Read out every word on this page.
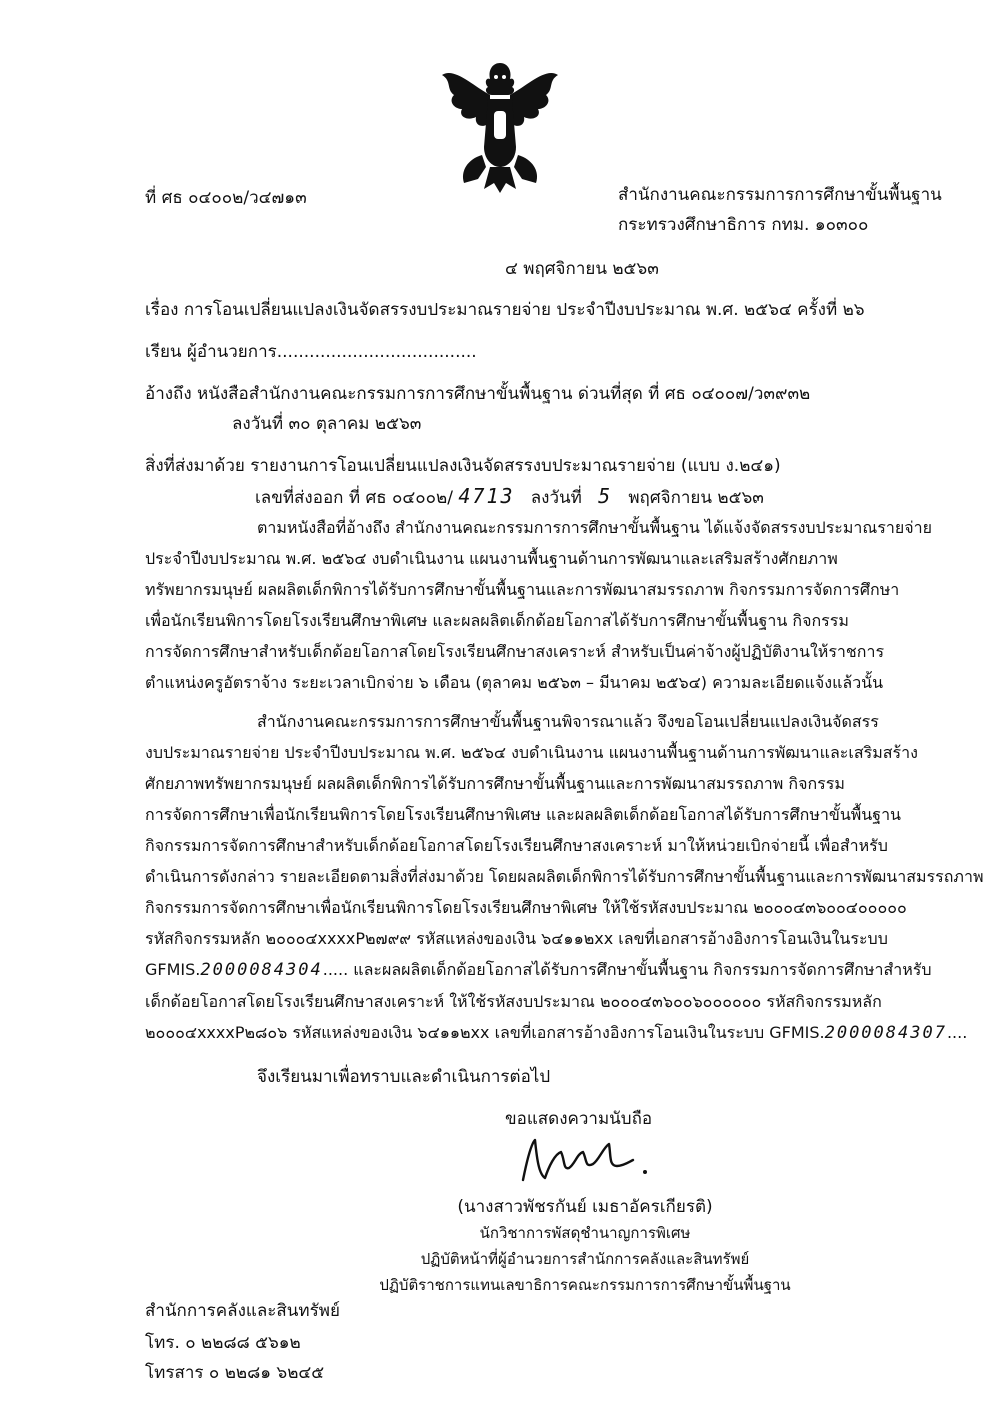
ที่ ศธ ๐๔๐๐๒/ว๔๗๑๓	สำนักงานคณะกรรมการการศึกษาขั้นพื้นฐาน
กระทรวงศึกษาธิการ กทม. ๑๐๓๐๐
๔ พฤศจิกายน ๒๕๖๓
เรื่อง การโอนเปลี่ยนแปลงเงินจัดสรรงบประมาณรายจ่าย ประจำปีงบประมาณ พ.ศ. ๒๕๖๔ ครั้งที่ ๒๖
เรียน ผู้อำนวยการ.....................................
อ้างถึง หนังสือสำนักงานคณะกรรมการการศึกษาขั้นพื้นฐาน ด่วนที่สุด ที่ ศธ ๐๔๐๐๗/ว๓๙๓๒
ลงวันที่ ๓๐ ตุลาคม ๒๕๖๓
สิ่งที่ส่งมาด้วย รายงานการโอนเปลี่ยนแปลงเงินจัดสรรงบประมาณรายจ่าย (แบบ ง.๒๔๑)
เลขที่ส่งออก ที่ ศธ ๐๔๐๐๒/ 4713 ลงวันที่ 5 พฤศจิกายน ๒๕๖๓
ตามหนังสือที่อ้างถึง สำนักงานคณะกรรมการการศึกษาขั้นพื้นฐาน ได้แจ้งจัดสรรงบประมาณรายจ่าย
ประจำปีงบประมาณ พ.ศ. ๒๕๖๔ งบดำเนินงาน แผนงานพื้นฐานด้านการพัฒนาและเสริมสร้างศักยภาพ
ทรัพยากรมนุษย์ ผลผลิตเด็กพิการได้รับการศึกษาขั้นพื้นฐานและการพัฒนาสมรรถภาพ กิจกรรมการจัดการศึกษา
เพื่อนักเรียนพิการโดยโรงเรียนศึกษาพิเศษ และผลผลิตเด็กด้อยโอกาสได้รับการศึกษาขั้นพื้นฐาน กิจกรรม
การจัดการศึกษาสำหรับเด็กด้อยโอกาสโดยโรงเรียนศึกษาสงเคราะห์ สำหรับเป็นค่าจ้างผู้ปฏิบัติงานให้ราชการ
ตำแหน่งครูอัตราจ้าง ระยะเวลาเบิกจ่าย ๖ เดือน (ตุลาคม ๒๕๖๓ – มีนาคม ๒๕๖๔) ความละเอียดแจ้งแล้วนั้น
สำนักงานคณะกรรมการการศึกษาขั้นพื้นฐานพิจารณาแล้ว จึงขอโอนเปลี่ยนแปลงเงินจัดสรร
งบประมาณรายจ่าย ประจำปีงบประมาณ พ.ศ. ๒๕๖๔ งบดำเนินงาน แผนงานพื้นฐานด้านการพัฒนาและเสริมสร้าง
ศักยภาพทรัพยากรมนุษย์ ผลผลิตเด็กพิการได้รับการศึกษาขั้นพื้นฐานและการพัฒนาสมรรถภาพ กิจกรรม
การจัดการศึกษาเพื่อนักเรียนพิการโดยโรงเรียนศึกษาพิเศษ และผลผลิตเด็กด้อยโอกาสได้รับการศึกษาขั้นพื้นฐาน
กิจกรรมการจัดการศึกษาสำหรับเด็กด้อยโอกาสโดยโรงเรียนศึกษาสงเคราะห์ มาให้หน่วยเบิกจ่ายนี้ เพื่อสำหรับ
ดำเนินการดังกล่าว รายละเอียดตามสิ่งที่ส่งมาด้วย โดยผลผลิตเด็กพิการได้รับการศึกษาขั้นพื้นฐานและการพัฒนาสมรรถภาพ
กิจกรรมการจัดการศึกษาเพื่อนักเรียนพิการโดยโรงเรียนศึกษาพิเศษ ให้ใช้รหัสงบประมาณ ๒๐๐๐๔๓๖๐๐๔๐๐๐๐๐
รหัสกิจกรรมหลัก ๒๐๐๐๔xxxxP๒๗๙๙ รหัสแหล่งของเงิน ๖๔๑๑๒xx เลขที่เอกสารอ้างอิงการโอนเงินในระบบ
GFMIS.2000084304..... และผลผลิตเด็กด้อยโอกาสได้รับการศึกษาขั้นพื้นฐาน กิจกรรมการจัดการศึกษาสำหรับ
เด็กด้อยโอกาสโดยโรงเรียนศึกษาสงเคราะห์ ให้ใช้รหัสงบประมาณ ๒๐๐๐๔๓๖๐๐๖๐๐๐๐๐๐ รหัสกิจกรรมหลัก
๒๐๐๐๔xxxxP๒๘๐๖ รหัสแหล่งของเงิน ๖๔๑๑๒xx เลขที่เอกสารอ้างอิงการโอนเงินในระบบ GFMIS.2000084307....
จึงเรียนมาเพื่อทราบและดำเนินการต่อไป
ขอแสดงความนับถือ
(นางสาวพัชรกันย์ เมธาอัครเกียรติ)
นักวิชาการพัสดุชำนาญการพิเศษ
ปฏิบัติหน้าที่ผู้อำนวยการสำนักการคลังและสินทรัพย์
ปฏิบัติราชการแทนเลขาธิการคณะกรรมการการศึกษาขั้นพื้นฐาน
สำนักการคลังและสินทรัพย์
โทร. ๐ ๒๒๘๘ ๕๖๑๒
โทรสาร ๐ ๒๒๘๑ ๖๒๔๕
